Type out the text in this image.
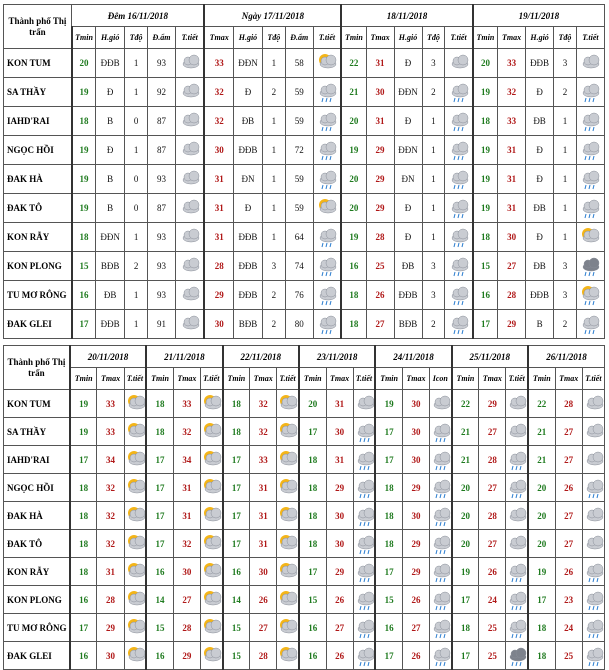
Thành phố Thị trấn	Đêm 16/11/2018					Ngày 17/11/2018					18/11/2018					19/11/2018				
	Tmin	H.gió	Tđộ	Đ.ẩm	T.tiết	Tmax	H.gió	Tđộ	Đ.ẩm	T.tiết	Tmin	Tmax	H.gió	Tđộ	T.tiết	Tmin	Tmax	H.gió	Tđộ	T.tiết
KON TUM	20	ĐĐB	1	93		33	ĐĐN	1	58		22	31	Đ	3		20	33	ĐĐB	3	

SA THẦY	19	Đ	1	92		32	Đ	2	59		21	30	ĐĐN	2		19	32	Đ	2	

IAHD'RAI	18	B	0	87		32	ĐB	1	59		20	31	Đ	1		18	33	ĐB	1	

NGỌC HỒI	19	Đ	1	87		30	ĐĐB	1	72		19	29	ĐĐN	1		19	31	Đ	1	

ĐAK HÀ	19	B	0	93		31	ĐN	1	59		20	29	ĐN	1		19	31	Đ	1	

ĐAK TÔ	19	B	0	87		31	Đ	1	59		20	29	Đ	1		19	31	ĐB	1	

KON RẪY	18	ĐĐN	1	93		31	ĐĐB	1	64		19	28	Đ	1		18	30	Đ	1	

KON PLONG	15	BĐB	2	93		28	ĐĐB	3	74		16	25	ĐB	3		15	27	ĐB	3	

TU MƠ RÔNG	16	ĐB	1	93		29	ĐĐB	2	76		18	26	ĐĐB	3		16	28	ĐĐB	3	

ĐAK GLEI	17	ĐĐB	1	91		30	BĐB	2	80		18	27	BĐB	2		17	29	B	2	
Thành phố Thị trấn	20/11/2018			21/11/2018			22/11/2018			23/11/2018			24/11/2018			25/11/2018			26/11/2018		
	Tmin	Tmax	T.tiết	Tmin	Tmax	T.tiết	Tmin	Tmax	T.tiết	Tmin	Tmax	T.tiết	Tmin	Tmax	Icon	Tmin	Tmax	T.tiết	Tmin	Tmax	T.tiết
KON TUM	19	33		18	33		18	32		20	31		19	30		22	29		22	28	

SA THẦY	19	33		18	32		18	32		17	30		17	30		21	27		21	27	

IAHD'RAI	17	34		17	34		17	33		18	31		17	30		21	28		21	27	

NGỌC HỒI	18	32		17	31		17	31		18	29		18	29		20	27		20	26	

ĐAK HÀ	18	32		17	31		17	31		18	30		18	30		20	28		20	27	

ĐAK TÔ	18	32		17	32		17	31		18	30		18	29		20	27		20	27	

KON RẪY	18	31		16	30		16	30		17	29		17	29		19	26		19	26	

KON PLONG	16	28		14	27		14	26		15	26		15	26		17	24		17	23	

TU MƠ RÔNG	17	29		15	28		15	27		16	27		16	27		18	25		18	24	

ĐAK GLEI	16	30		16	29		15	28		16	26		17	26		17	25		18	25	
